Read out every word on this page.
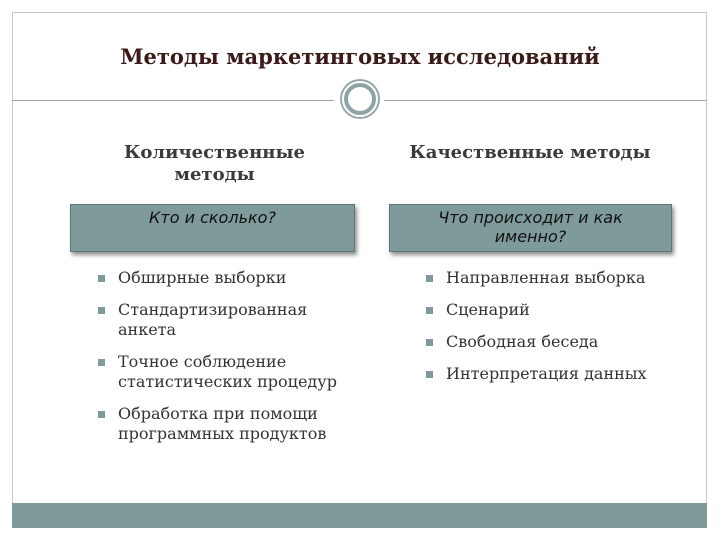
Методы маркетинговых исследований
Количественные
методы
Качественные методы
Кто и сколько?	Что происходит и как
именно?
Обширные выборки
Стандартизированная
анкета
Точное соблюдение
статистических процедур
Обработка при помощи
программных продуктов
Направленная выборка
Сценарий
Свободная беседа
Интерпретация данных
